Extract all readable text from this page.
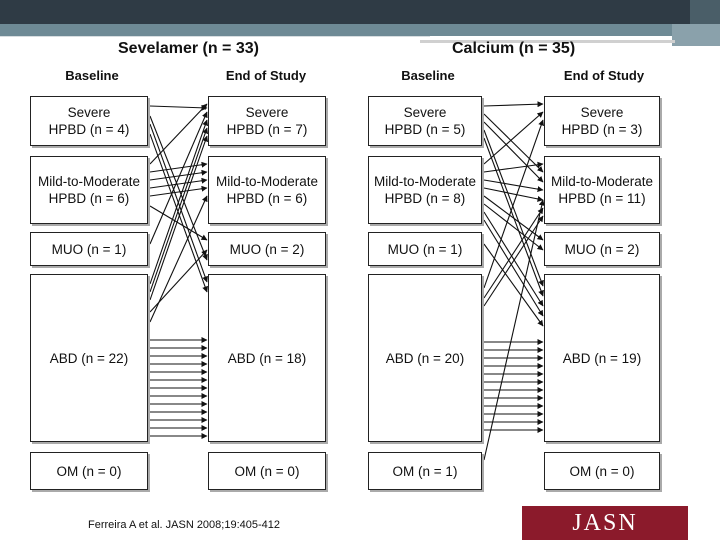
Sevelamer (n = 33)
Baseline	End of Study
Severe
HPBD (n = 4)
Mild-to-Moderate
HPBD (n = 6)
MUO (n = 1)
ABD (n = 22)
OM (n = 0)
Severe
HPBD (n = 7)
Mild-to-Moderate
HPBD (n = 6)
MUO (n = 2)
ABD (n = 18)
OM (n = 0)
Calcium (n = 35)
Baseline	End of Study
Severe
HPBD (n = 5)
Mild-to-Moderate
HPBD (n = 8)
MUO (n = 1)
ABD (n = 20)
OM (n = 1)
Severe
HPBD (n = 3)
Mild-to-Moderate
HPBD (n = 11)
MUO (n = 2)
ABD (n = 19)
OM (n = 0)
Ferreira A et al. JASN 2008;19:405-412	JASN
